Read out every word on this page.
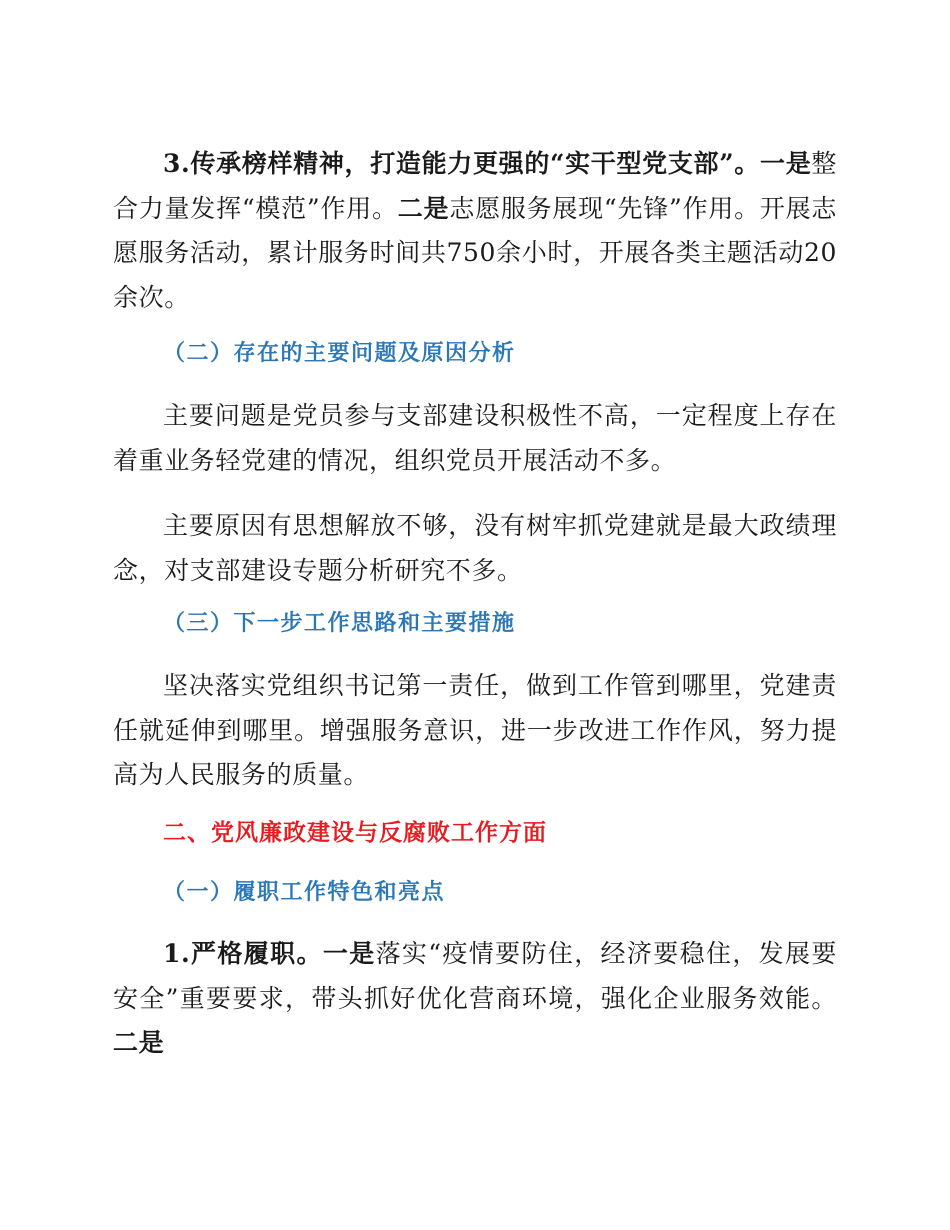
3.传承榜样精神，打造能力更强的“实干型党支部”。一是整合力量发挥“模范”作用。二是志愿服务展现“先锋”作用。开展志愿服务活动，累计服务时间共750余小时，开展各类主题活动20余次。

（二）存在的主要问题及原因分析

主要问题是党员参与支部建设积极性不高，一定程度上存在着重业务轻党建的情况，组织党员开展活动不多。

主要原因有思想解放不够，没有树牢抓党建就是最大政绩理念，对支部建设专题分析研究不多。

（三）下一步工作思路和主要措施

坚决落实党组织书记第一责任，做到工作管到哪里，党建责任就延伸到哪里。增强服务意识，进一步改进工作作风，努力提高为人民服务的质量。

二、党风廉政建设与反腐败工作方面
（一）履职工作特色和亮点

1.严格履职。一是落实“疫情要防住，经济要稳住，发展要安全”重要要求，带头抓好优化营商环境，强化企业服务效能。二是
